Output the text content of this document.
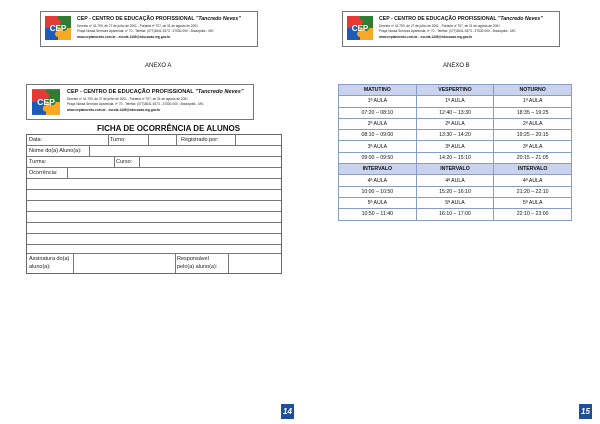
CEP
CEP - CENTRO DE EDUCAÇÃO PROFISSIONAL "Tancredo Neves"
Decreto nº 41.793, de 27 de julho de 2001 - Portaria nº 707, de 31 de agosto de 2001
Praça Nossa Senhora Aparecida, nº 70 - Telefax: (077)3641-9373 - 37530-000 - Brazópolis - MG
www.ceptancredo.com.br - escola.1449@educacao.mg.gov.br
ANEXO A
CEP
CEP - CENTRO DE EDUCAÇÃO PROFISSIONAL "Tancredo Neves"
Decreto nº 41.793, de 27 de julho de 2001 - Portaria nº 707, de 31 de agosto de 2001
Praça Nossa Senhora Aparecida, nº 70 - Telefax: (077)3641-9373 - 37530-000 - Brazópolis - MG
www.ceptancredo.com.br - escola.1449@educacao.mg.gov.br
FICHA DE OCORRÊNCIA DE ALUNOS
Data:	Turno:	Registrado por:
Nome do(a) Aluno(a):
Turma:	Curso:
Ocorrência:
Assinatura do(a)
aluno(a):
Responsável
pelo(a) aluno(a):
14
CEP
CEP - CENTRO DE EDUCAÇÃO PROFISSIONAL "Tancredo Neves"
Decreto nº 41.793, de 27 de julho de 2001 - Portaria nº 707, de 31 de agosto de 2001
Praça Nossa Senhora Aparecida, nº 70 - Telefax: (077)3641-9373 - 37530-000 - Brazópolis - MG
www.ceptancredo.com.br - escola.1449@educacao.mg.gov.br
ANEXO B
15
MATUTINO	VESPERTINO	NOTURNO
1ª AULA	1ª AULA	1ª AULA
07:20 – 08:10	12:40 – 13:30	18:35 – 19:25
2ª AULA	2ª AULA	2ª AULA
08:10 – 09:00	13:30 – 14:20	19:25 – 20:15
3ª AULA	3ª AULA	3ª AULA
09:00 – 09:50	14:20 – 15:10	20:15 – 21:05
INTERVALO	INTERVALO	INTERVALO
4ª AULA	4ª AULA	4ª AULA
10:00 – 10:50	15:20 – 16:10	21:20 – 22:10
5ª AULA	5ª AULA	5ª AULA
10:50 – 11:40	16:10 – 17:00	22:10 – 23:00
